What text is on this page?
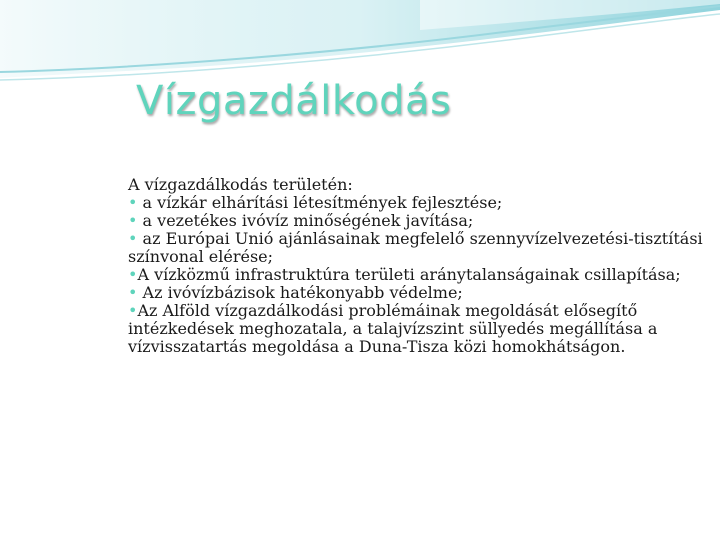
Vízgazdálkodás

A vízgazdálkodás területén:

• a vízkár elhárítási létesítmények fejlesztése;

• a vezetékes ivóvíz minőségének javítása;

• az Európai Unió ajánlásainak megfelelő szennyvízelvezetési-tisztítási színvonal elérése;

•A vízközmű infrastruktúra területi aránytalanságainak csillapítása;

• Az ivóvízbázisok hatékonyabb védelme;

•Az Alföld vízgazdálkodási problémáinak megoldását elősegítő intézkedések meghozatala, a talajvízszint süllyedés megállítása a vízvisszatartás megoldása a Duna-Tisza közi homokhátságon.
